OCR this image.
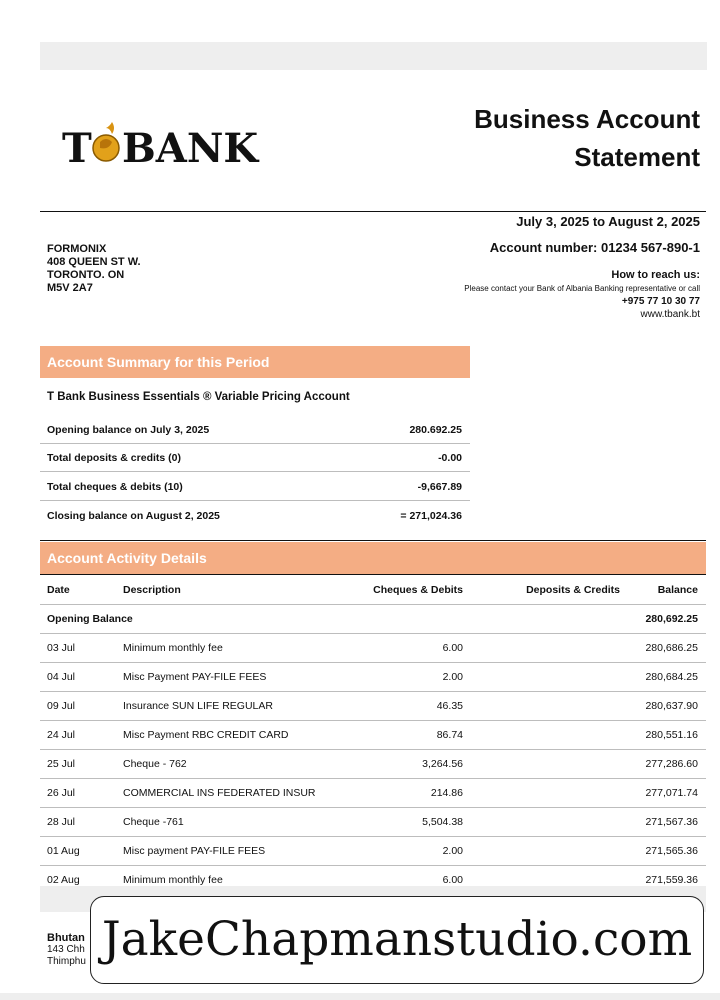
T BANK
Business Account
Statement
July 3, 2025 to August 2, 2025
Account number: 01234 567-890-1
FORMONIX
408 QUEEN ST W.
TORONTO. ON
M5V 2A7
How to reach us:
Please contact your Bank of Albania Banking representative or call
+975 77 10 30 77
www.tbank.bt
Account Summary for this Period
T Bank Business Essentials ® Variable Pricing Account
Opening balance on July 3, 2025	280.692.25
Total deposits & credits (0)	-0.00
Total cheques & debits (10)	-9,667.89
Closing balance on August 2, 2025	= 271,024.36
Account Activity Details
Date	Description	Cheques & Debits	Deposits & Credits	Balance
Opening Balance				280,692.25
03 Jul	Minimum monthly fee	6.00		280,686.25
04 Jul	Misc Payment PAY-FILE FEES	2.00		280,684.25
09 Jul	Insurance SUN LIFE REGULAR	46.35		280,637.90
24 Jul	Misc Payment RBC CREDIT CARD	86.74		280,551.16
25 Jul	Cheque - 762	3,264.56		277,286.60
26 Jul	COMMERCIAL INS FEDERATED INSUR	214.86		277,071.74
28 Jul	Cheque -761	5,504.38		271,567.36
01 Aug	Misc payment PAY-FILE FEES	2.00		271,565.36
02 Aug	Minimum monthly fee	6.00		271,559.36
Bhutan
143 Chh
Thimphu JakeChapmanstudio.com
